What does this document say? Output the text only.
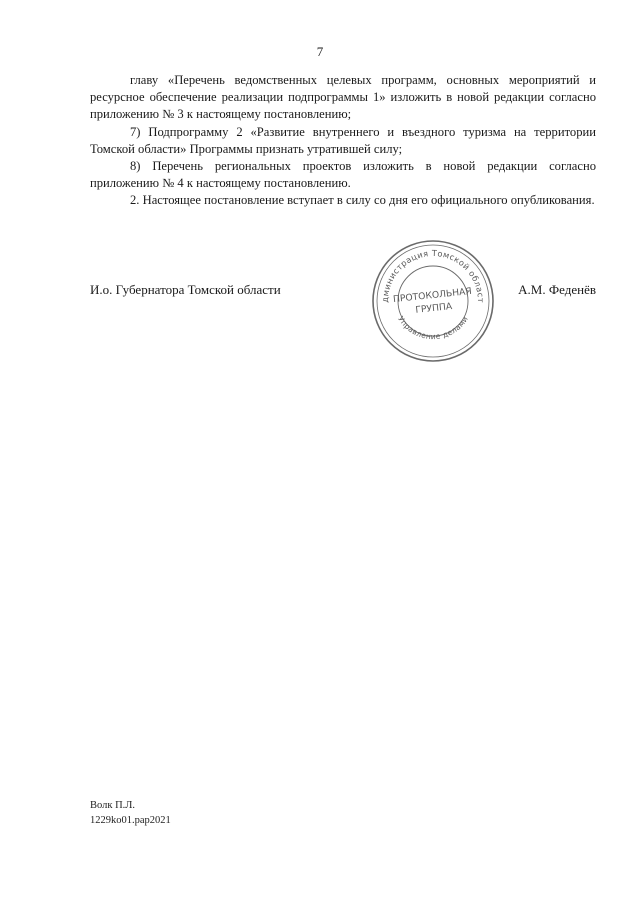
7

главу «Перечень ведомственных целевых программ, основных мероприятий и ресурсное обеспечение реализации подпрограммы 1» изложить в новой редакции согласно приложению № 3 к настоящему постановлению;

7) Подпрограмму 2 «Развитие внутреннего и въездного туризма на территории Томской области» Программы признать утратившей силу;

8) Перечень региональных проектов изложить в новой редакции согласно приложению № 4 к настоящему постановлению.

2. Настоящее постановление вступает в силу со дня его официального опубликования.

И.о. Губернатора Томской области	А.М. Феденёв
дминистрация Томской област
Управление делами
ПРОТОКОЛЬНАЯ
ГРУППА
Волк П.Л.
1229ko01.pap2021
